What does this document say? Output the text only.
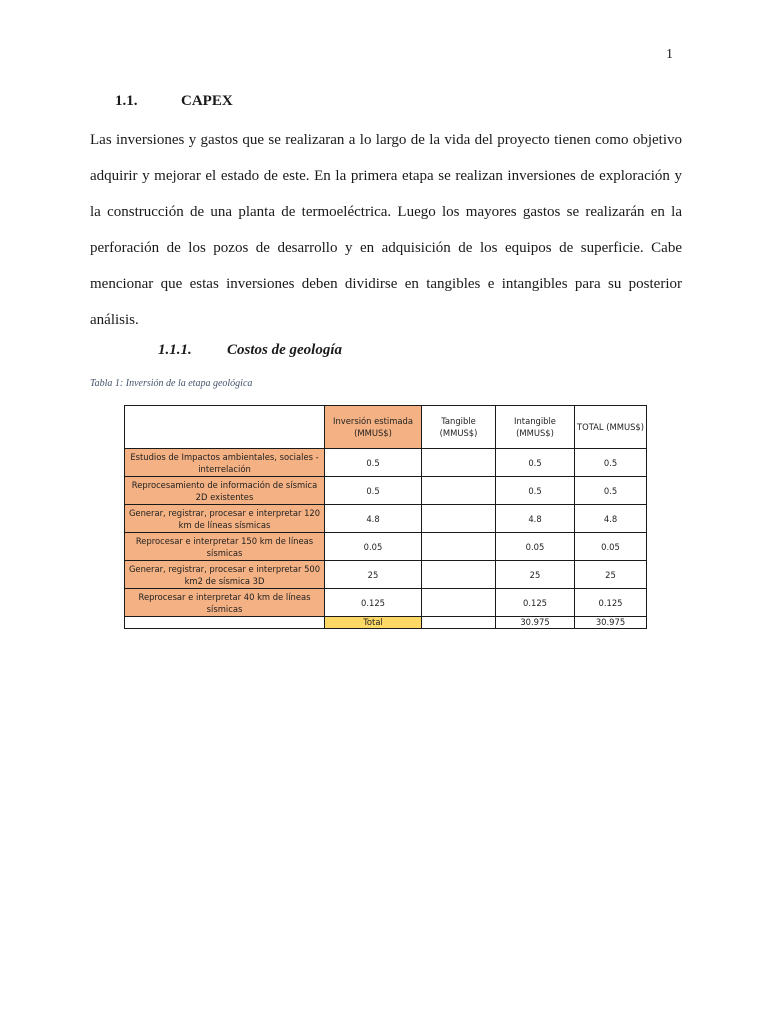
1
1.1.	CAPEX

Las inversiones y gastos que se realizaran a lo largo de la vida del proyecto tienen como objetivo adquirir y mejorar el estado de este. En la primera etapa se realizan inversiones de exploración y la construcción de una planta de termoeléctrica. Luego los mayores gastos se realizarán en la perforación de los pozos de desarrollo y en adquisición de los equipos de superficie. Cabe mencionar que estas inversiones deben dividirse en tangibles e intangibles para su posterior análisis.

1.1.1. Costos de geología
Tabla 1: Inversión de la etapa geológica
	Inversión estimada (MMUS$)	Tangible (MMUS$)	Intangible (MMUS$)	TOTAL (MMUS$)
Estudios de Impactos ambientales, sociales - interrelación	0.5		0.5	0.5
Reprocesamiento de información de sísmica 2D existentes	0.5		0.5	0.5
Generar, registrar, procesar e interpretar 120 km de líneas sísmicas	4.8		4.8	4.8
Reprocesar e interpretar 150 km de líneas sísmicas	0.05		0.05	0.05
Generar, registrar, procesar e interpretar 500 km2 de sísmica 3D	25		25	25
Reprocesar e interpretar 40 km de líneas sísmicas	0.125		0.125	0.125
	Total		30.975	30.975
